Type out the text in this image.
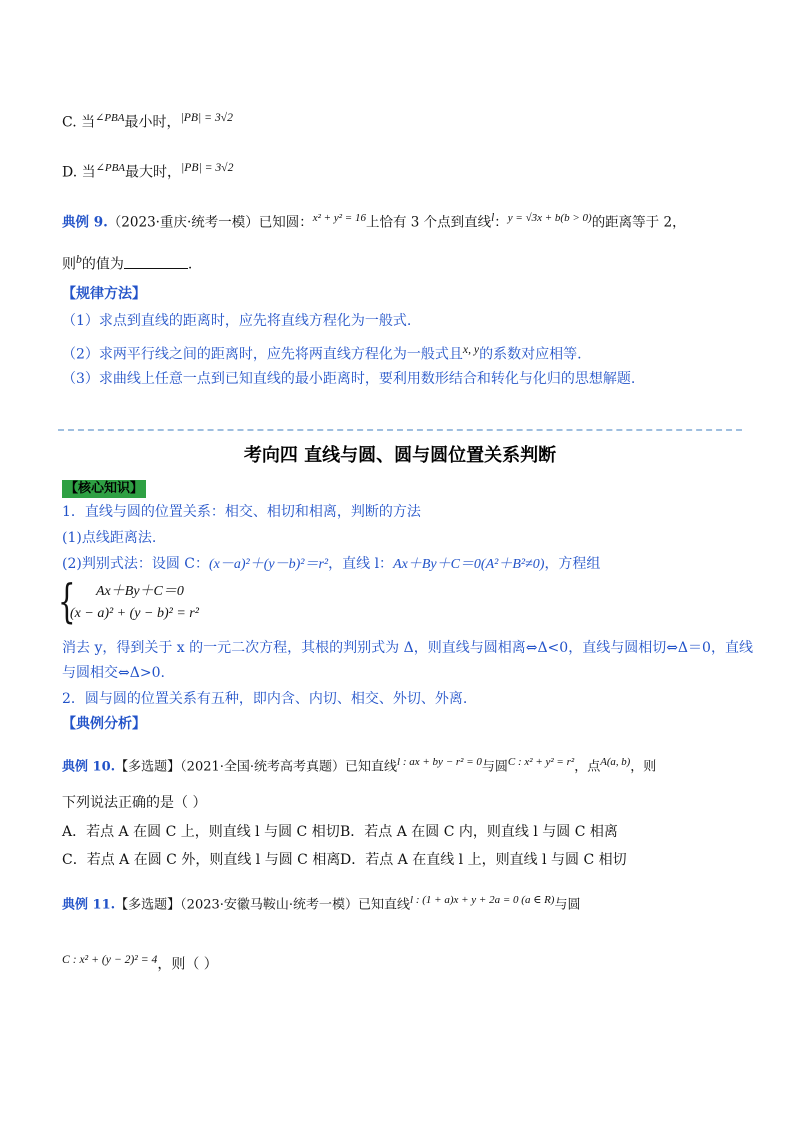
C. 当$^{\angle PBA}$最小时，$^{|PB| = 3√2}$
D. 当$^{\angle PBA}$最大时，$^{|PB| = 3√2}$
典例 9.（2023·重庆·统考一模）已知圆：$^{x^2 + y^2 = 16}$上恰有 3 个点到直线$^l$：$^{y = √3x + b(b > 0)}$的距离等于 2，
则$^b$的值为	.
【规律方法】
（1）求点到直线的距离时，应先将直线方程化为一般式.
（2）求两平行线之间的距离时，应先将两直线方程化为一般式且$^{x, y}$的系数对应相等.
（3）求曲线上任意一点到已知直线的最小距离时，要利用数形结合和转化与化归的思想解题.
考向四 直线与圆、圆与圆位置关系判断
【核心知识】
1．直线与圆的位置关系：相交、相切和相离，判断的方法
(1)点线距离法.
(2)判别式法：设圆 C：(x－a)²＋(y－b)²＝r²，直线 l：Ax＋By＋C＝0(A²＋B²≠0)，方程组
{ Ax＋By＋C＝0
(x − a)² + (y − b)² = r²
消去 y，得到关于 x 的一元二次方程，其根的判别式为 Δ，则直线与圆相离⇔Δ<0，直线与圆相切⇔Δ＝0，直线
与圆相交⇔Δ>0.
2．圆与圆的位置关系有五种，即内含、内切、相交、外切、外离.
【典例分析】
典例 10.【多选题】（2021·全国·统考高考真题）已知直线$^{l : ax + by - r^2 = 0}$与圆$^{C : x^2 + y^2 = r^2}$，点$^{A(a, b)}$，则
下列说法正确的是（ ）
A．若点 A 在圆 C 上，则直线 l 与圆 C 相切 B．若点 A 在圆 C 内，则直线 l 与圆 C 相离
C．若点 A 在圆 C 外，则直线 l 与圆 C 相离 D．若点 A 在直线 l 上，则直线 l 与圆 C 相切
典例 11.【多选题】（2023·安徽马鞍山·统考一模）已知直线$^{l : (1 + a)x + y + 2a = 0 (a \in R)}$与圆
$^{C : x^2 + (y - 2)^2 = 4}$，则（ ）
